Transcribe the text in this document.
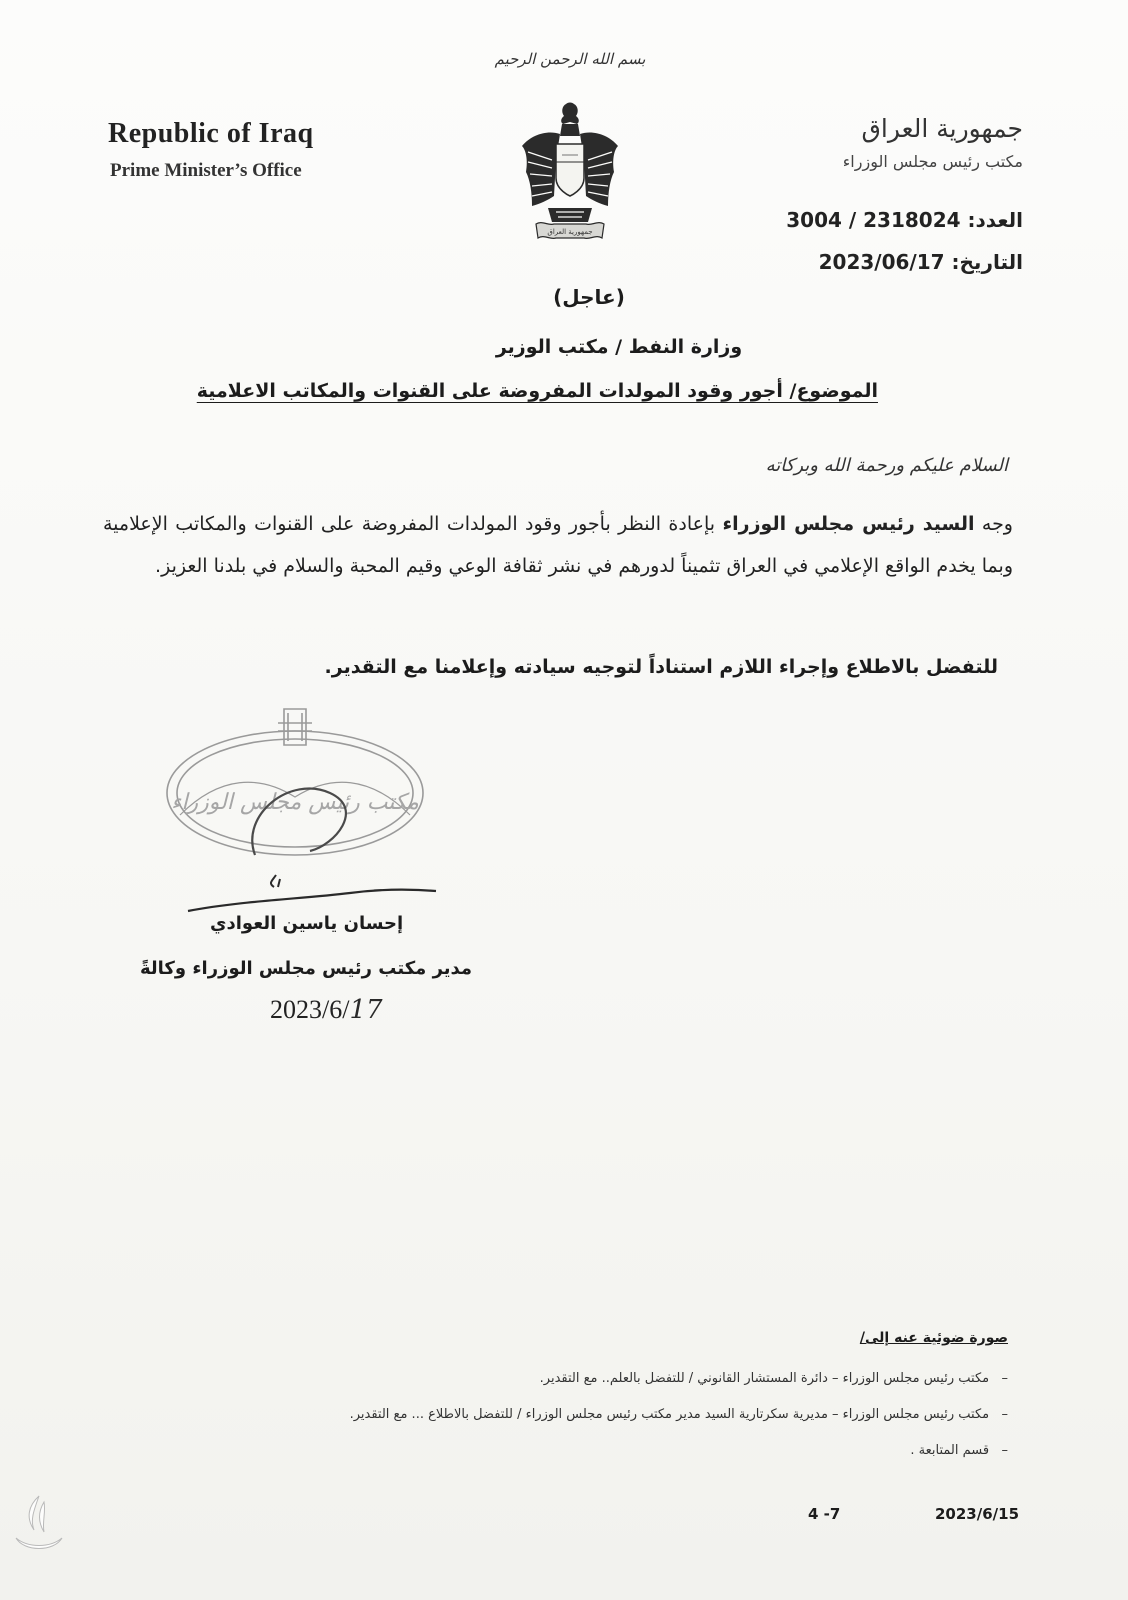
بسم الله الرحمن الرحيم
Republic of Iraq
Prime Minister’s Office
جمهورية العراق
مكتب رئيس مجلس الوزراء
جمهورية العراق	العدد: 3004 / 2318024
التاريخ: 2023/06/17
(عاجل)
وزارة النفط / مكتب الوزير
الموضوع/ أجور وقود المولدات المفروضة على القنوات والمكاتب الاعلامية
السلام عليكم ورحمة الله وبركاته
وجه السيد رئيس مجلس الوزراء بإعادة النظر بأجور وقود المولدات المفروضة على القنوات والمكاتب الإعلامية وبما يخدم الواقع الإعلامي في العراق تثميناً لدورهم في نشر ثقافة الوعي وقيم المحبة والسلام في بلدنا العزيز.
للتفضل بالاطلاع وإجراء اللازم استناداً لتوجيه سيادته وإعلامنا مع التقدير.
مكتب رئيس مجلس الوزراء
إحسان ياسين العوادي
مدير مكتب رئيس مجلس الوزراء وكالةً
2023/6/17
صورة ضوئية عنه إلى/
–   مكتب رئيس مجلس الوزراء – دائرة المستشار القانوني / للتفضل بالعلم.. مع التقدير.
–   مكتب رئيس مجلس الوزراء – مديرية سكرتارية السيد مدير مكتب رئيس مجلس الوزراء / للتفضل بالاطلاع ... مع التقدير.
–   قسم المتابعة .
2023/6/15
4 -7
